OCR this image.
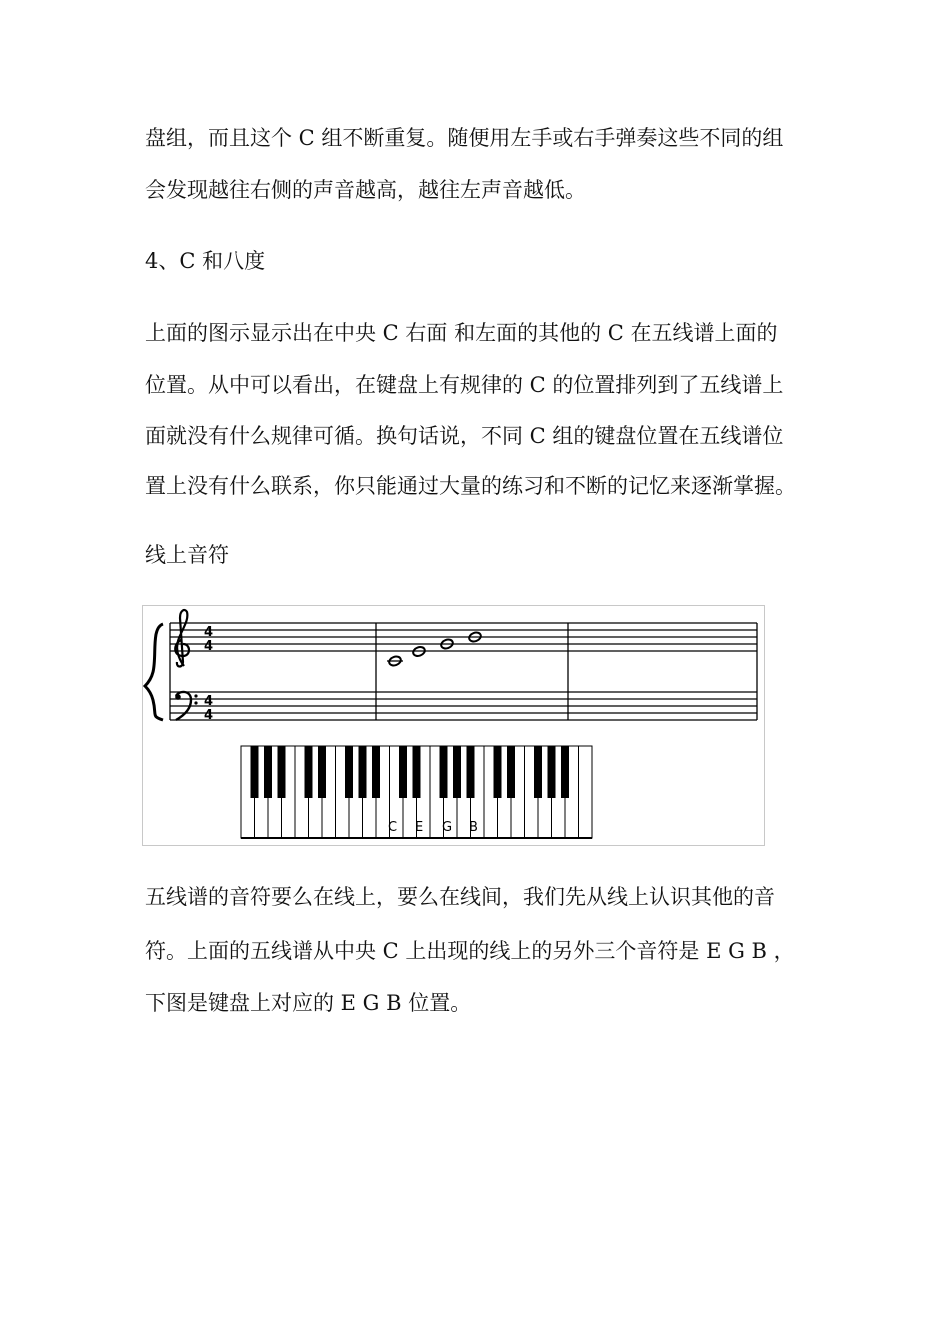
盘组，而且这个 C 组不断重复。随便用左手或右手弹奏这些不同的组
会发现越往右侧的声音越高，越往左声音越低。
4、C 和八度
上面的图示显示出在中央 C 右面 和左面的其他的 C 在五线谱上面的
位置。从中可以看出，在键盘上有规律的 C 的位置排列到了五线谱上
面就没有什么规律可循。换句话说，不同 C 组的键盘位置在五线谱位
置上没有什么联系，你只能通过大量的练习和不断的记忆来逐渐掌握。
线上音符
4
4
4
4
C E G B
五线谱的音符要么在线上，要么在线间，我们先从线上认识其他的音
符。上面的五线谱从中央 C 上出现的线上的另外三个音符是 E G B ，
下图是键盘上对应的 E G B 位置。
